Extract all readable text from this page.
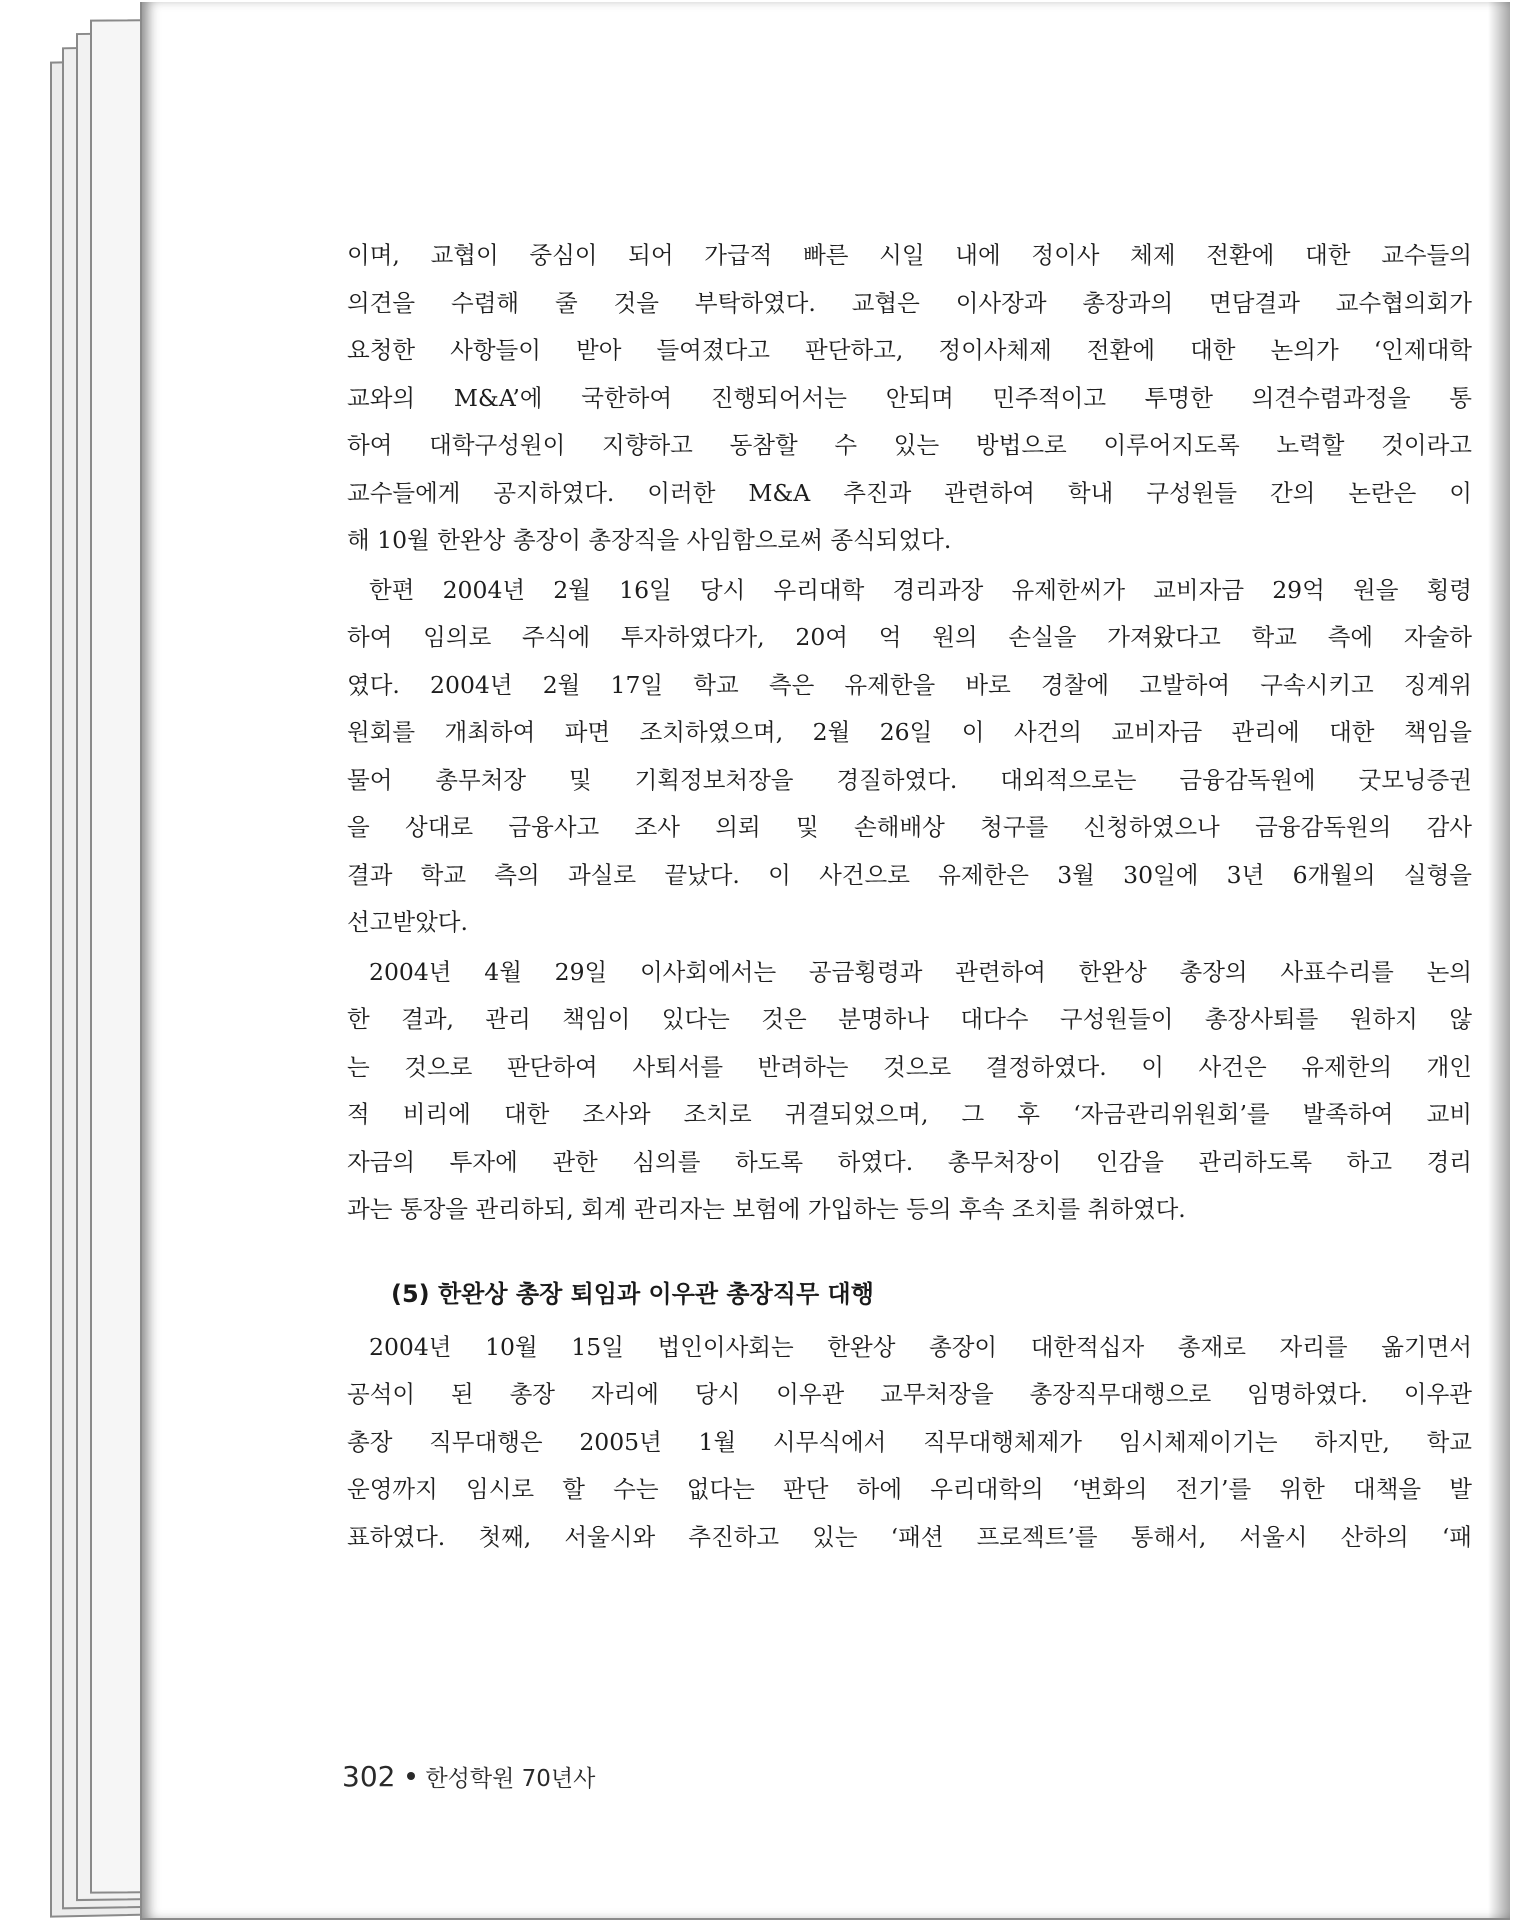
이며, 교협이 중심이 되어 가급적 빠른 시일 내에 정이사 체제 전환에 대한 교수들의
의견을 수렴해 줄 것을 부탁하였다. 교협은 이사장과 총장과의 면담결과 교수협의회가
요청한 사항들이 받아 들여졌다고 판단하고, 정이사체제 전환에 대한 논의가 ‘인제대학
교와의 M&A’에 국한하여 진행되어서는 안되며 민주적이고 투명한 의견수렴과정을 통
하여 대학구성원이 지향하고 동참할 수 있는 방법으로 이루어지도록 노력할 것이라고
교수들에게 공지하였다. 이러한 M&A 추진과 관련하여 학내 구성원들 간의 논란은 이
해 10월 한완상 총장이 총장직을 사임함으로써 종식되었다.
한편 2004년 2월 16일 당시 우리대학 경리과장 유제한씨가 교비자금 29억 원을 횡령
하여 임의로 주식에 투자하였다가, 20여 억 원의 손실을 가져왔다고 학교 측에 자술하
였다. 2004년 2월 17일 학교 측은 유제한을 바로 경찰에 고발하여 구속시키고 징계위
원회를 개최하여 파면 조치하였으며, 2월 26일 이 사건의 교비자금 관리에 대한 책임을
물어 총무처장 및 기획정보처장을 경질하였다. 대외적으로는 금융감독원에 굿모닝증권
을 상대로 금융사고 조사 의뢰 및 손해배상 청구를 신청하였으나 금융감독원의 감사
결과 학교 측의 과실로 끝났다. 이 사건으로 유제한은 3월 30일에 3년 6개월의 실형을
선고받았다.
2004년 4월 29일 이사회에서는 공금횡령과 관련하여 한완상 총장의 사표수리를 논의
한 결과, 관리 책임이 있다는 것은 분명하나 대다수 구성원들이 총장사퇴를 원하지 않
는 것으로 판단하여 사퇴서를 반려하는 것으로 결정하였다. 이 사건은 유제한의 개인
적 비리에 대한 조사와 조치로 귀결되었으며, 그 후 ‘자금관리위원회’를 발족하여 교비
자금의 투자에 관한 심의를 하도록 하였다. 총무처장이 인감을 관리하도록 하고 경리
과는 통장을 관리하되, 회계 관리자는 보험에 가입하는 등의 후속 조치를 취하였다.
(5) 한완상 총장 퇴임과 이우관 총장직무 대행
2004년 10월 15일 법인이사회는 한완상 총장이 대한적십자 총재로 자리를 옮기면서
공석이 된 총장 자리에 당시 이우관 교무처장을 총장직무대행으로 임명하였다. 이우관
총장 직무대행은 2005년 1월 시무식에서 직무대행체제가 임시체제이기는 하지만, 학교
운영까지 임시로 할 수는 없다는 판단 하에 우리대학의 ‘변화의 전기’를 위한 대책을 발
표하였다. 첫째, 서울시와 추진하고 있는 ‘패션 프로젝트’를 통해서, 서울시 산하의 ‘패
302 한성학원 70년사
